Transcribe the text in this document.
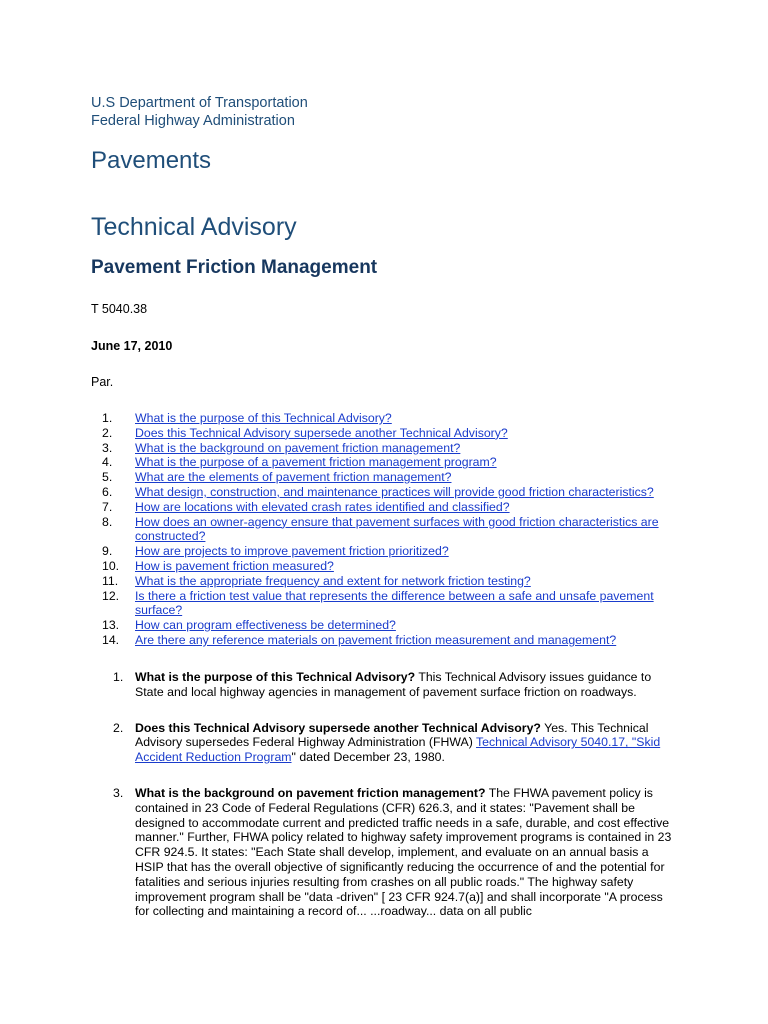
U.S Department of Transportation
Federal Highway Administration
Pavements
Technical Advisory
Pavement Friction Management
T 5040.38
June 17, 2010
Par.
1.	What is the purpose of this Technical Advisory?
2.	Does this Technical Advisory supersede another Technical Advisory?
3.	What is the background on pavement friction management?
4.	What is the purpose of a pavement friction management program?
5.	What are the elements of pavement friction management?
6.	What design, construction, and maintenance practices will provide good friction characteristics?
7.	How are locations with elevated crash rates identified and classified?
8.	How does an owner-agency ensure that pavement surfaces with good friction characteristics are constructed?
9.	How are projects to improve pavement friction prioritized?
10.	How is pavement friction measured?
11.	What is the appropriate frequency and extent for network friction testing?
12.	Is there a friction test value that represents the difference between a safe and unsafe pavement surface?
13.	How can program effectiveness be determined?
14.	Are there any reference materials on pavement friction measurement and management?
1. What is the purpose of this Technical Advisory? This Technical Advisory issues guidance to State and local highway agencies in management of pavement surface friction on roadways.
2. Does this Technical Advisory supersede another Technical Advisory? Yes. This Technical Advisory supersedes Federal Highway Administration (FHWA) Technical Advisory 5040.17, "Skid Accident Reduction Program" dated December 23, 1980.
3. What is the background on pavement friction management? The FHWA pavement policy is contained in 23 Code of Federal Regulations (CFR) 626.3, and it states: "Pavement shall be designed to accommodate current and predicted traffic needs in a safe, durable, and cost effective manner." Further, FHWA policy related to highway safety improvement programs is contained in 23 CFR 924.5. It states: "Each State shall develop, implement, and evaluate on an annual basis a HSIP that has the overall objective of significantly reducing the occurrence of and the potential for fatalities and serious injuries resulting from crashes on all public roads." The highway safety improvement program shall be "data -driven" [ 23 CFR 924.7(a)] and shall incorporate "A process for collecting and maintaining a record of... ...roadway... data on all public
